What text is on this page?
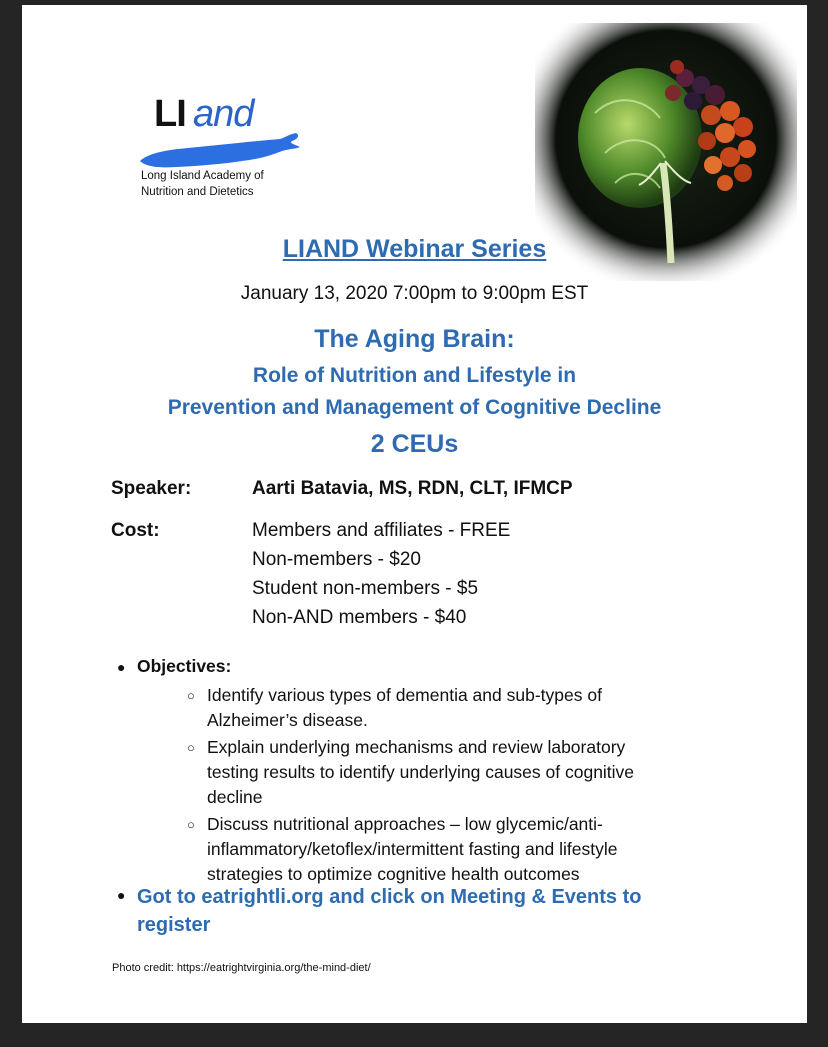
LI and
Long Island Academy of
Nutrition and Dietetics
LIAND Webinar Series
January 13, 2020 7:00pm to 9:00pm EST
The Aging Brain:
Role of Nutrition and Lifestyle in
Prevention and Management of Cognitive Decline
2 CEUs
Speaker:	Aarti Batavia, MS, RDN, CLT, IFMCP
Cost:	Members and affiliates - FREE
Non-members - $20
Student non-members - $5
Non-AND members - $40
● Objectives:
○ Identify various types of dementia and sub-types of
Alzheimer’s disease.
○ Explain underlying mechanisms and review laboratory
testing results to identify underlying causes of cognitive
decline
○ Discuss nutritional approaches – low glycemic/anti-
inflammatory/ketoflex/intermittent fasting and lifestyle
strategies to optimize cognitive health outcomes
● Got to eatrightli.org and click on Meeting & Events to
register
Photo credit: https://eatrightvirginia.org/the-mind-diet/
